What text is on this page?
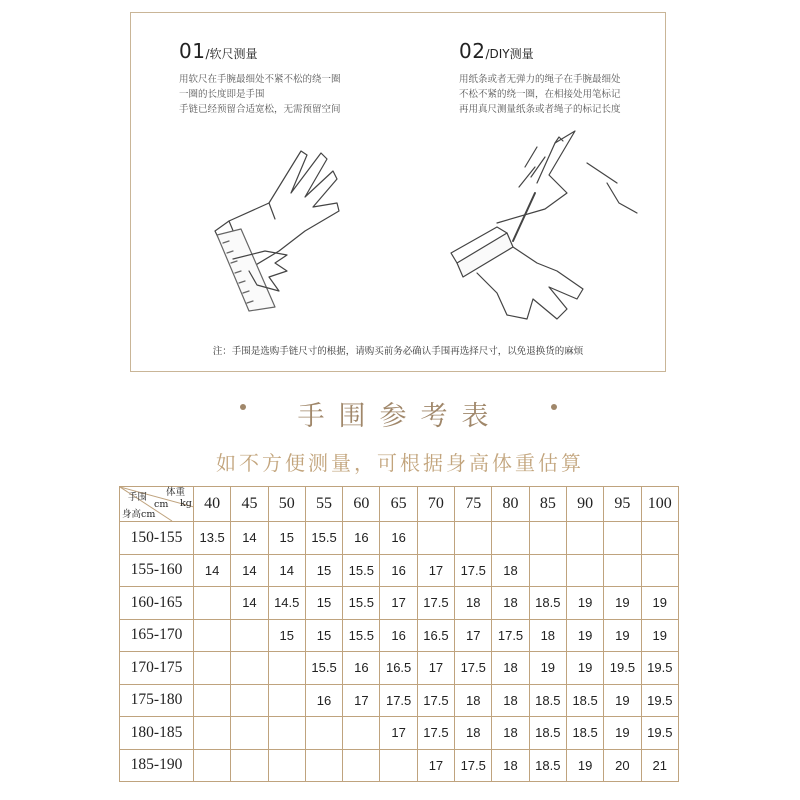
01/软尺测量
用软尺在手腕最细处不紧不松的绕一圈
一圈的长度即是手围
手链已经预留合适宽松，无需预留空间
02/DIY测量
用纸条或者无弹力的绳子在手腕最细处
不松不紧的绕一圈，在相接处用笔标记
再用真尺测量纸条或者绳子的标记长度
注：手围是选购手链尺寸的根据，请购买前务必确认手围再选择尺寸，以免退换货的麻烦
手围参考表
如不方便测量，可根据身高体重估算
体重
kg
手围
cm
身高cm	40	45	50	55	60	65	70	75	80	85	90	95	100
150-155	13.5	14	15	15.5	16	16							
155-160	14	14	14	15	15.5	16	17	17.5	18				
160-165		14	14.5	15	15.5	17	17.5	18	18	18.5	19	19	19
165-170			15	15	15.5	16	16.5	17	17.5	18	19	19	19
170-175				15.5	16	16.5	17	17.5	18	19	19	19.5	19.5
175-180				16	17	17.5	17.5	18	18	18.5	18.5	19	19.5
180-185						17	17.5	18	18	18.5	18.5	19	19.5
185-190							17	17.5	18	18.5	19	20	21
